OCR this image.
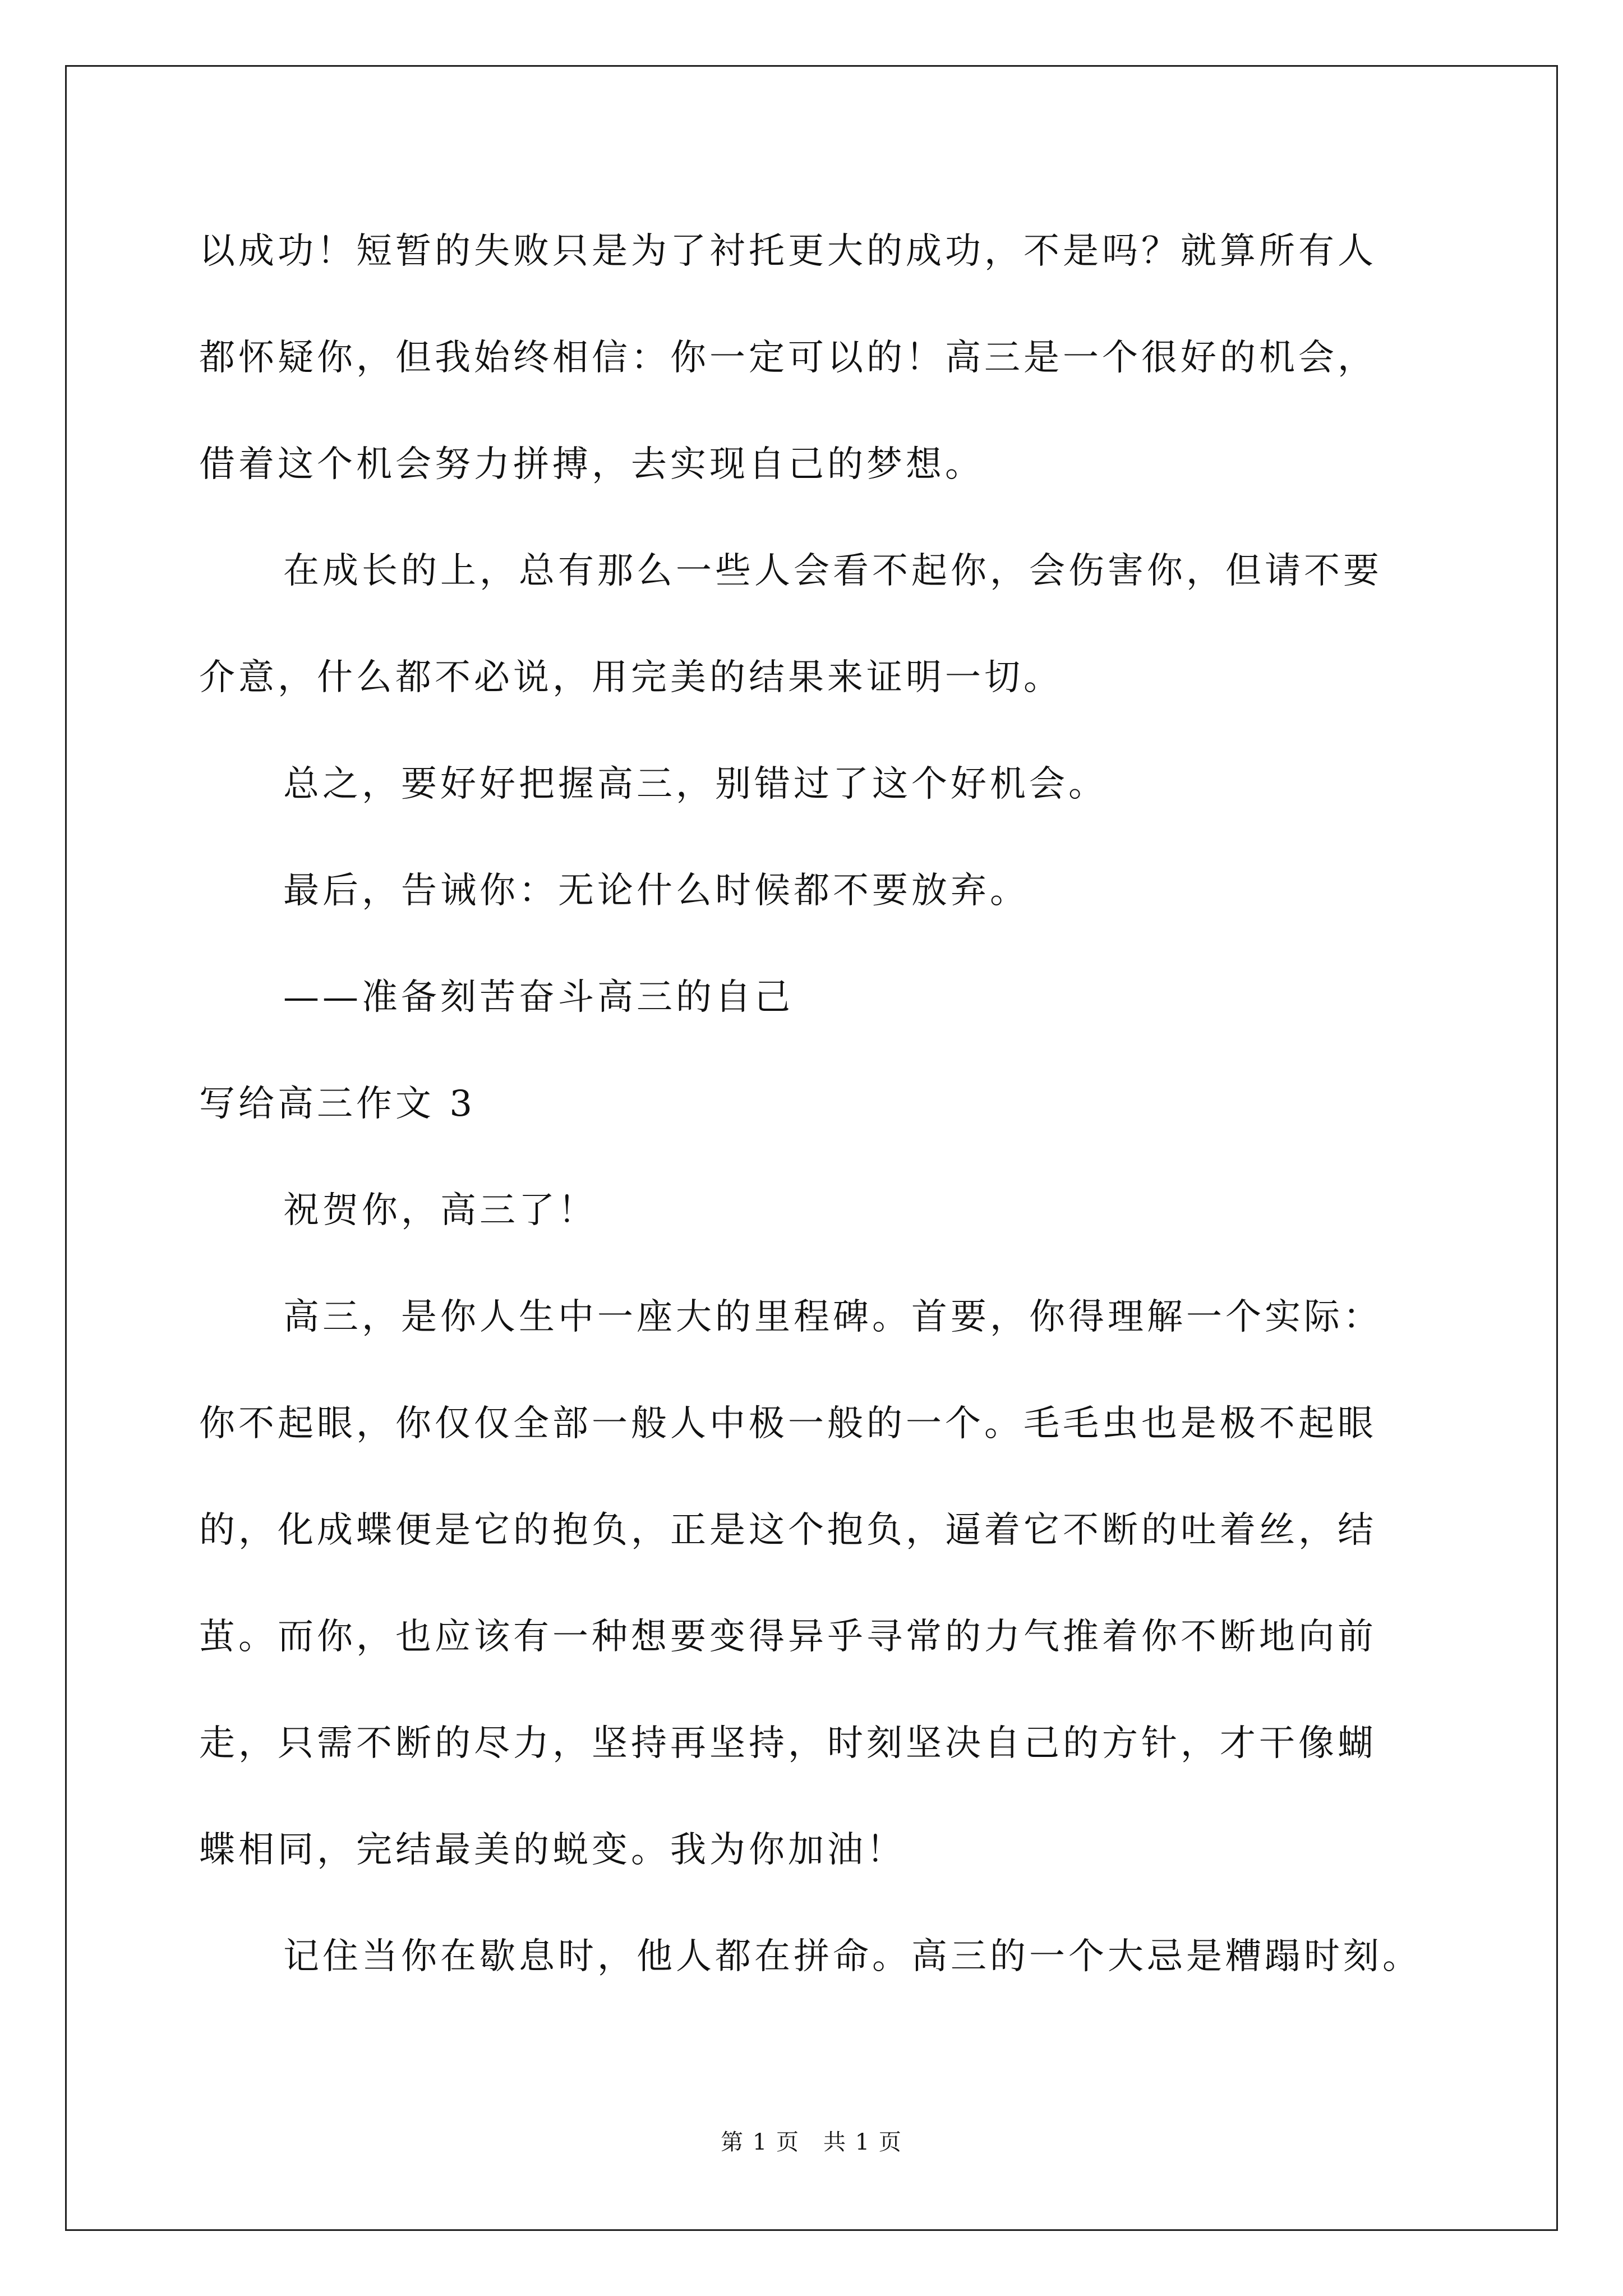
以成功！短暂的失败只是为了衬托更大的成功，不是吗？就算所有人
都怀疑你，但我始终相信：你一定可以的！高三是一个很好的机会，
借着这个机会努力拼搏，去实现自己的梦想。
在成长的上，总有那么一些人会看不起你，会伤害你，但请不要
介意，什么都不必说，用完美的结果来证明一切。
总之，要好好把握高三，别错过了这个好机会。
最后，告诫你：无论什么时候都不要放弃。
——准备刻苦奋斗高三的自己
写给高三作文 3
祝贺你，高三了！
高三，是你人生中一座大的里程碑。首要，你得理解一个实际：
你不起眼，你仅仅全部一般人中极一般的一个。毛毛虫也是极不起眼
的，化成蝶便是它的抱负，正是这个抱负，逼着它不断的吐着丝，结
茧。而你，也应该有一种想要变得异乎寻常的力气推着你不断地向前
走，只需不断的尽力，坚持再坚持，时刻坚决自己的方针，才干像蝴
蝶相同，完结最美的蜕变。我为你加油！
记住当你在歇息时，他人都在拼命。高三的一个大忌是糟蹋时刻。
第 1 页　共 1 页
